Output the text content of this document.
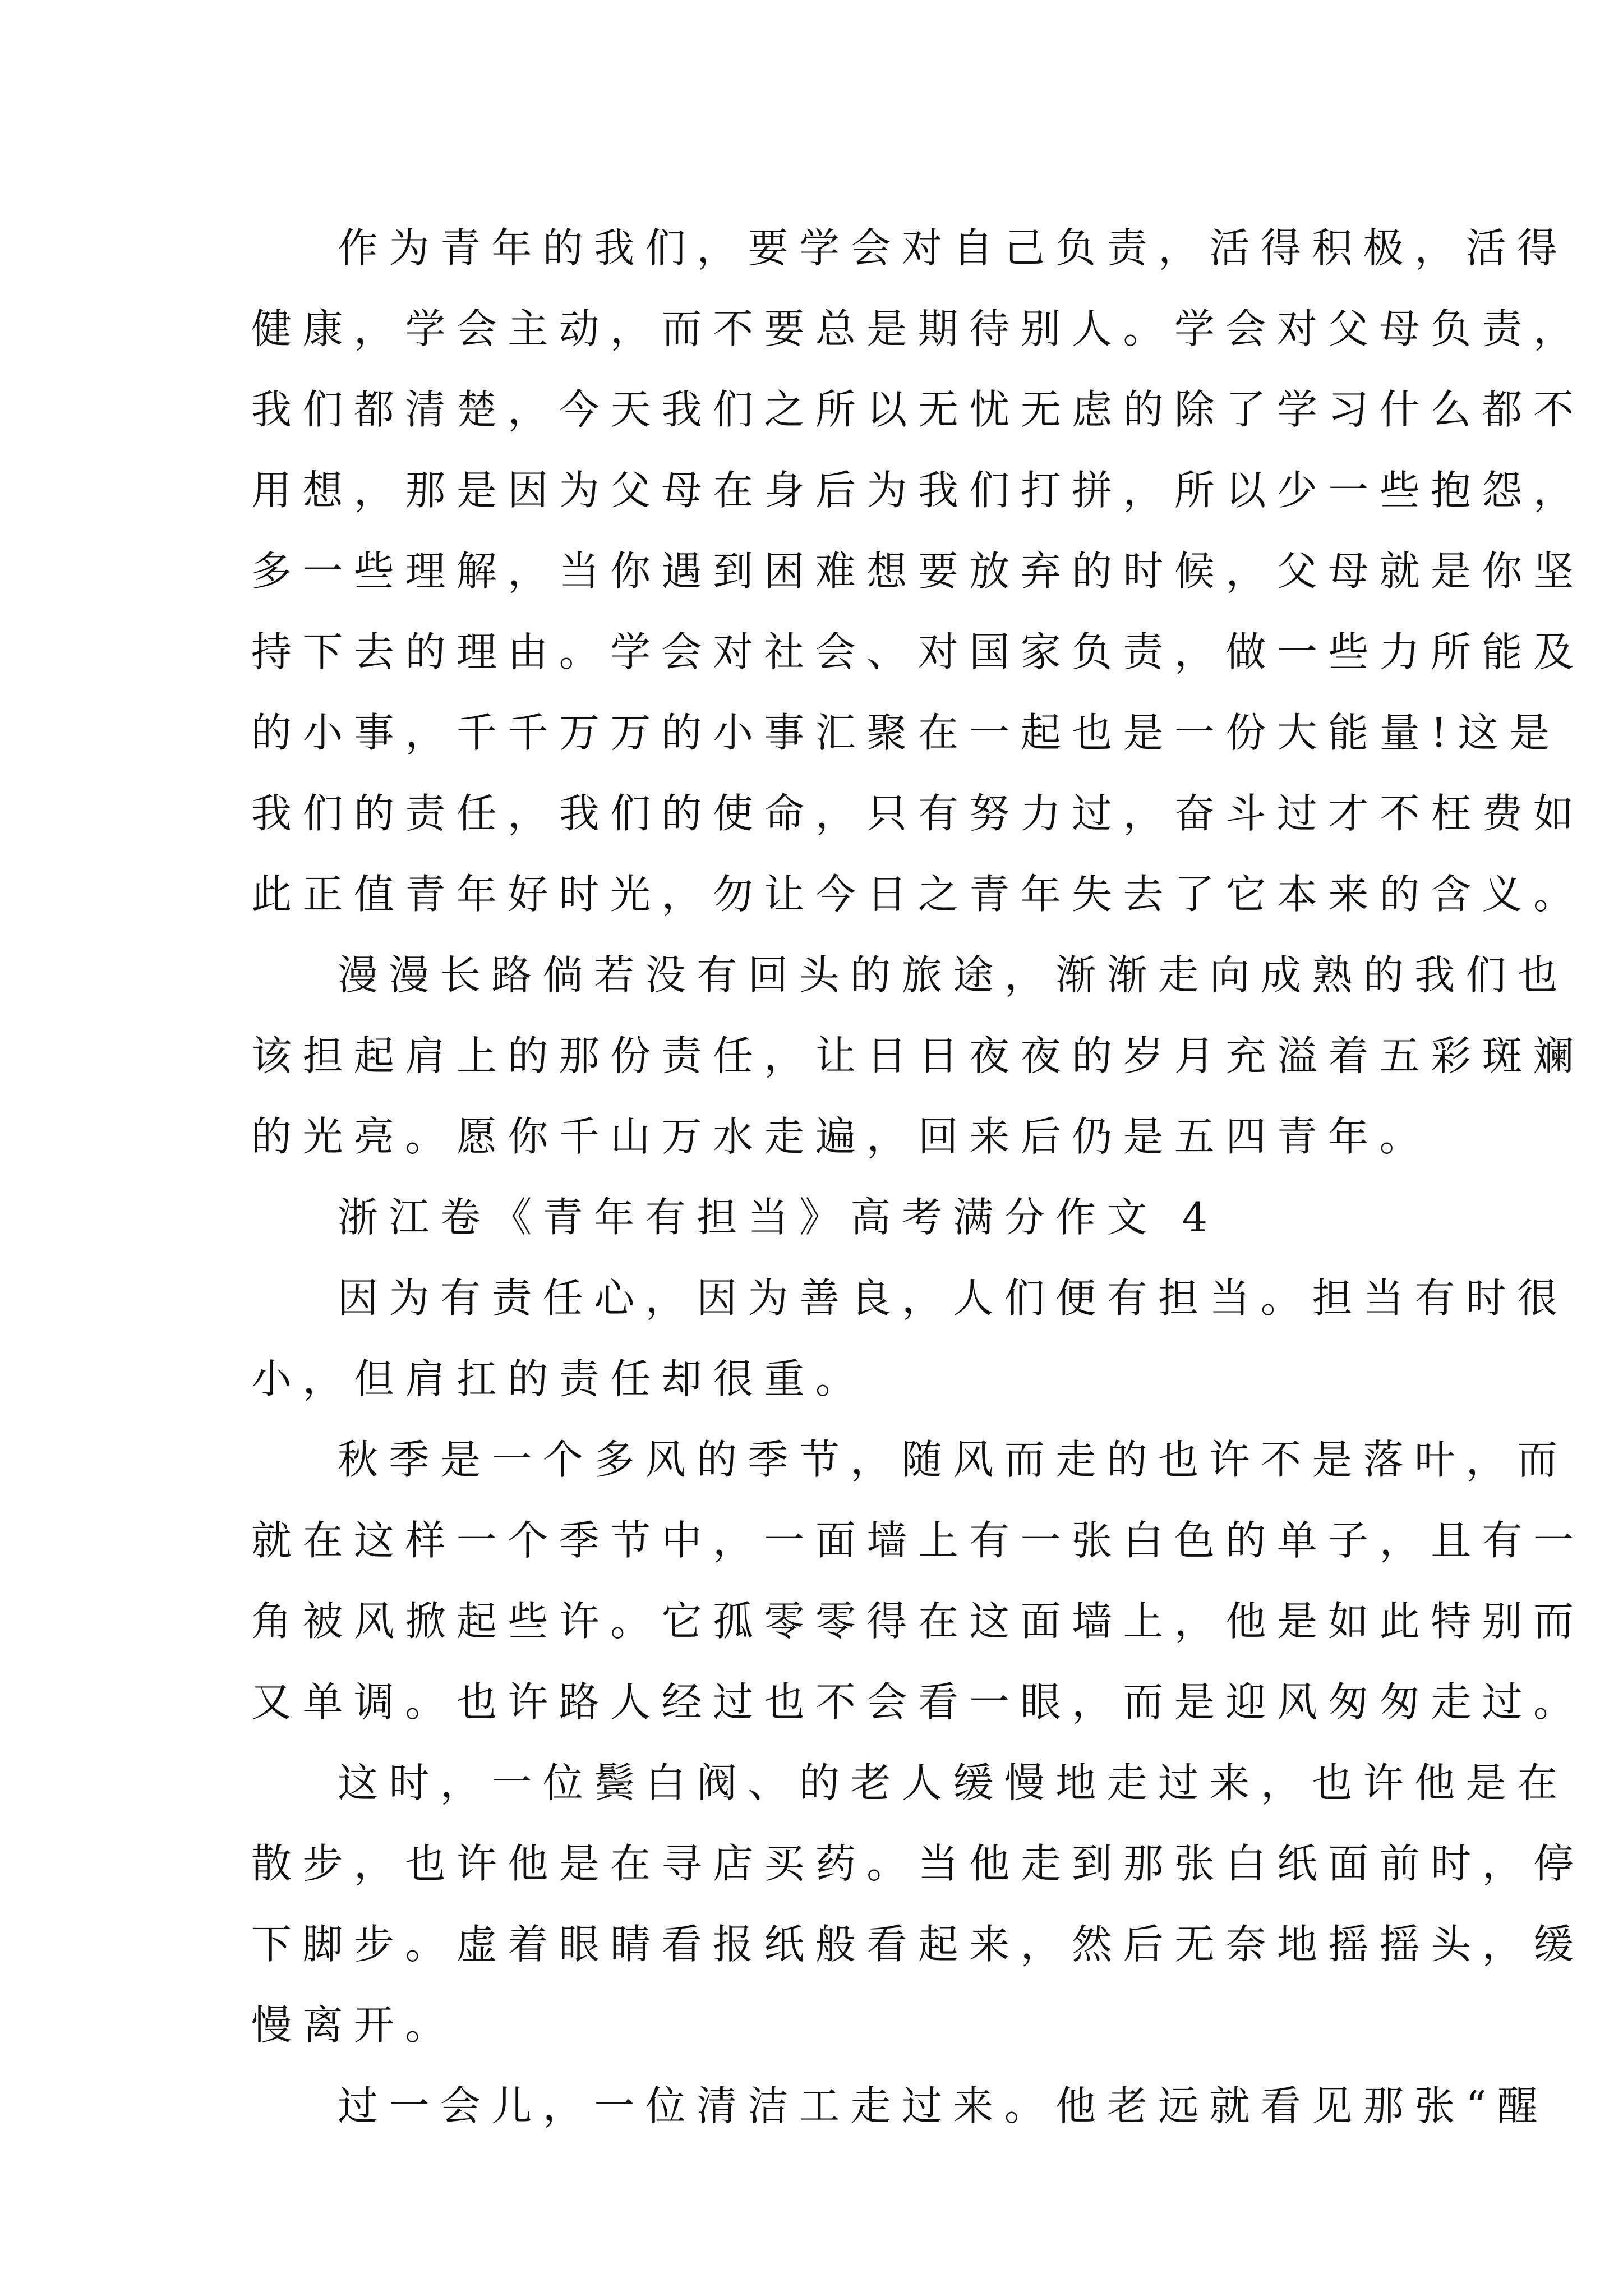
作为青年的我们，要学会对自己负责，活得积极，活得
健康，学会主动，而不要总是期待别人。学会对父母负责，
我们都清楚，今天我们之所以无忧无虑的除了学习什么都不
用想，那是因为父母在身后为我们打拼，所以少一些抱怨，
多一些理解，当你遇到困难想要放弃的时候，父母就是你坚
持下去的理由。学会对社会、对国家负责，做一些力所能及
的小事，千千万万的小事汇聚在一起也是一份大能量!这是
我们的责任，我们的使命，只有努力过，奋斗过才不枉费如
此正值青年好时光，勿让今日之青年失去了它本来的含义。
漫漫长路倘若没有回头的旅途，渐渐走向成熟的我们也
该担起肩上的那份责任，让日日夜夜的岁月充溢着五彩斑斓
的光亮。愿你千山万水走遍，回来后仍是五四青年。
浙江卷《青年有担当》高考满分作文 4
因为有责任心，因为善良，人们便有担当。担当有时很
小，但肩扛的责任却很重。
秋季是一个多风的季节，随风而走的也许不是落叶，而
就在这样一个季节中，一面墙上有一张白色的单子，且有一
角被风掀起些许。它孤零零得在这面墙上，他是如此特别而
又单调。也许路人经过也不会看一眼，而是迎风匆匆走过。
这时，一位鬓白阀、的老人缓慢地走过来，也许他是在
散步，也许他是在寻店买药。当他走到那张白纸面前时，停
下脚步。虚着眼睛看报纸般看起来，然后无奈地摇摇头，缓
慢离开。
过一会儿，一位清洁工走过来。他老远就看见那张“醒
